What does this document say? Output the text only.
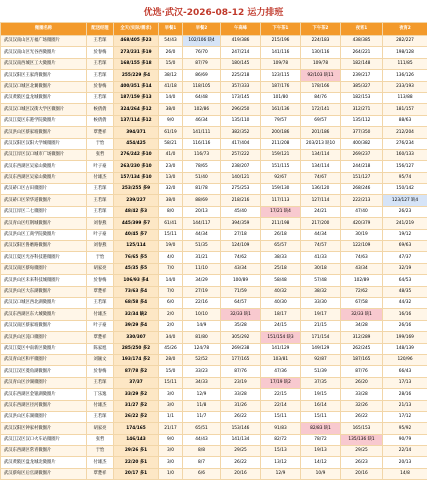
优选·武汉-2026-08-12 运力排班
微圈名称	配送经理	全天(实际/需求)	早餐1	早餐2	午高峰	下午茶1	下午茶2	夜宵1	夜宵2	
武汉汉南山区万福广场微圈片	王若琛	468/405 多23	54/43	102/106 缺4	419/386	215/196	224/183	438/385	282/227	
武汉汉南山区光谷西微圈片	於春梅	273/231 多19	26/0	76/70	247/214	141/116	130/116	264/221	198/128	
武汉汉南西城区工大微圈片	王若琛	168/155 多18	15/0	87/79	180/145	109/78	109/78	182/148	111/85	
武汉汉阳区王家湾微圈片	王若琛	255/229 多4	38/12	86/69	225/218	123/115	92/103 缺11	239/217	136/126	
武汉汉口城区北翼微圈片	於春梅	400/351 多14	41/18	118/105	357/333	187/176	178/166	385/327	233/193	
武汉黄陂区盘龙城微圈片	王若琛	187/159 多13	14/0	64/48	173/145	101/80	84/76	182/153	113/88	
武汉汉口城区汉街大学区微圈片	候倩倩	324/264 多12	38/0	102/86	296/250	161/136	172/141	312/271	181/157	
武汉江夏区东港学院微圈片	候倩倩	137/114 多12	9/0	46/34	135/110	79/57	69/57	135/112	88/63	
武汉洪山区蔡家坡微圈片	覃楚祥	394/371	61/19	141/111	382/352	200/186	201/186	377/350	212/204	
武汉汉阳区汉阳大学城微圈片	于怡	454/425	58/21	116/116	417/404	211/208	203/213 缺10	400/382	276/234	
武汉江岸区汉口城市广场微圈片	张哲	276/242 多10	41/0	116/73	257/222	159/121	134/114	269/237	160/133	
武汉东西湖区吴家山微圈片	叶子豪	263/230 多10	23/0	78/65	238/207	151/115	134/114	244/218	156/127	
武汉东西湖区吴家山微圈片	付雄杰	157/134 多10	13/0	51/40	140/121	92/67	74/67	151/127	95/74	
武汉硚口区古田微圈片	王若琛	253/255 多9	32/0	81/78	275/253	159/130	136/120	268/246	150/142	
武汉硚口区荣华道微圈片	王若琛	239/227	38/0	88/69	218/216	117/113	127/114	222/213	123/127 缺4	
武汉江岸区二七微圈片	王若琛	48/42 多3	8/0	20/13	45/40	17/21 缺4	24/21	47/40	26/23	
武汉青山区红钢城微圈片	刘春燕	445/399 多7	61/41	144/117	394/359	211/198	217/200	420/379	241/219	
武汉洪山区工商学院微圈片	叶子豪	40/45 多7	15/11	44/34	27/18	26/18	44/34	30/19	19/12	
武汉汉阳区鲁磨路微圈片	刘春燕	125/114	19/0	51/35	124/109	65/57	74/57	122/109	69/63	
武汉江夏区光谷科技港微圈片	于怡	76/65 多5	4/0	31/21	74/62	38/33	41/33	74/63	47/37	
武汉汉南区蔡甸微圈片	胡家亮	45/35 多5	7/0	11/10	43/34	25/18	30/18	43/34	32/19	
武汉洪山区未来科技城微圈片	於春梅	106/93 多4	14/0	34/29	100/89	58/48	57/48	102/89	64/53	
武汉洪山区大东湖微圈片	覃楚祥	73/63 多4	7/0	27/19	71/59	40/32	38/32	72/62	48/35	
武汉汉口城区西北湖微圈片	王若琛	68/58 多4	6/0	22/16	64/57	40/30	33/30	67/58	44/32	
武汉东西湖区东大城微圈片	付雄杰	32/34 缺2	2/0	10/10	32/33 缺1	18/17	19/17	32/33 缺1	16/16	
武汉汉南区蔡家坡微圈片	叶子豪	39/29 多4	2/0	14/9	35/28	24/15	21/15	34/28	26/16	
武汉洪山区沌口微圈片	覃楚祥	330/307	34/0	81/80	305/292	151/154 缺3	171/154	312/289	199/169	
武汉江夏区中南新区微圈片	陈家旭	285/250 多2	45/26	124/78	269/238	141/129	149/129	262/245	148/139	
武汉青山区和平微圈片	刘颖文	193/174 多2	28/0	52/52	177/165	103/81	92/87	187/165	120/96	
武汉江汉区菱角湖微圈片	於春梅	87/78 多2	15/0	33/23	87/76	47/36	51/39	87/76	66/43	
武汉青山区沙湖微圈片	王若琛	37/37	15/11	34/33	23/19	17/19 缺2	37/35	26/20	17/13	
武汉东西湖区金银湖微圈片	丁乐逸	33/29 多2	3/0	12/9	33/28	22/15	19/15	33/28	28/16	
武汉东西湖区径河微圈片	付雄杰	31/27 多2	3/0	11/8	31/26	22/14	16/14	32/26	21/13	
武汉洪山区东湖微圈片	王若琛	26/22 多2	1/1	11/7	26/22	15/11	15/11	26/22	17/12	
武汉汉阳区钟家村微圈片	胡家亮	174/165	21/17	65/51	153/146	91/83	82/83 缺1	165/153	95/92	
武汉江汉区汉口火车站微圈片	张哲	146/143	9/0	44/43	141/134	82/72	78/72	135/136 缺1	90/79	
武汉东西湖区常青微圈片	于怡	29/26 多1	3/0	8/8	29/25	15/13	19/13	29/25	22/14	
武汉黄陂区盘龙城北微圈片	付雄杰	22/20 多1	3/0	8/7	26/22	13/12	14/12	26/23	20/13	
武汉蔡甸区后官湖微圈片	覃楚祥	20/17 多1	1/0	6/6	20/16	12/9	10/9	20/16	14/8	
